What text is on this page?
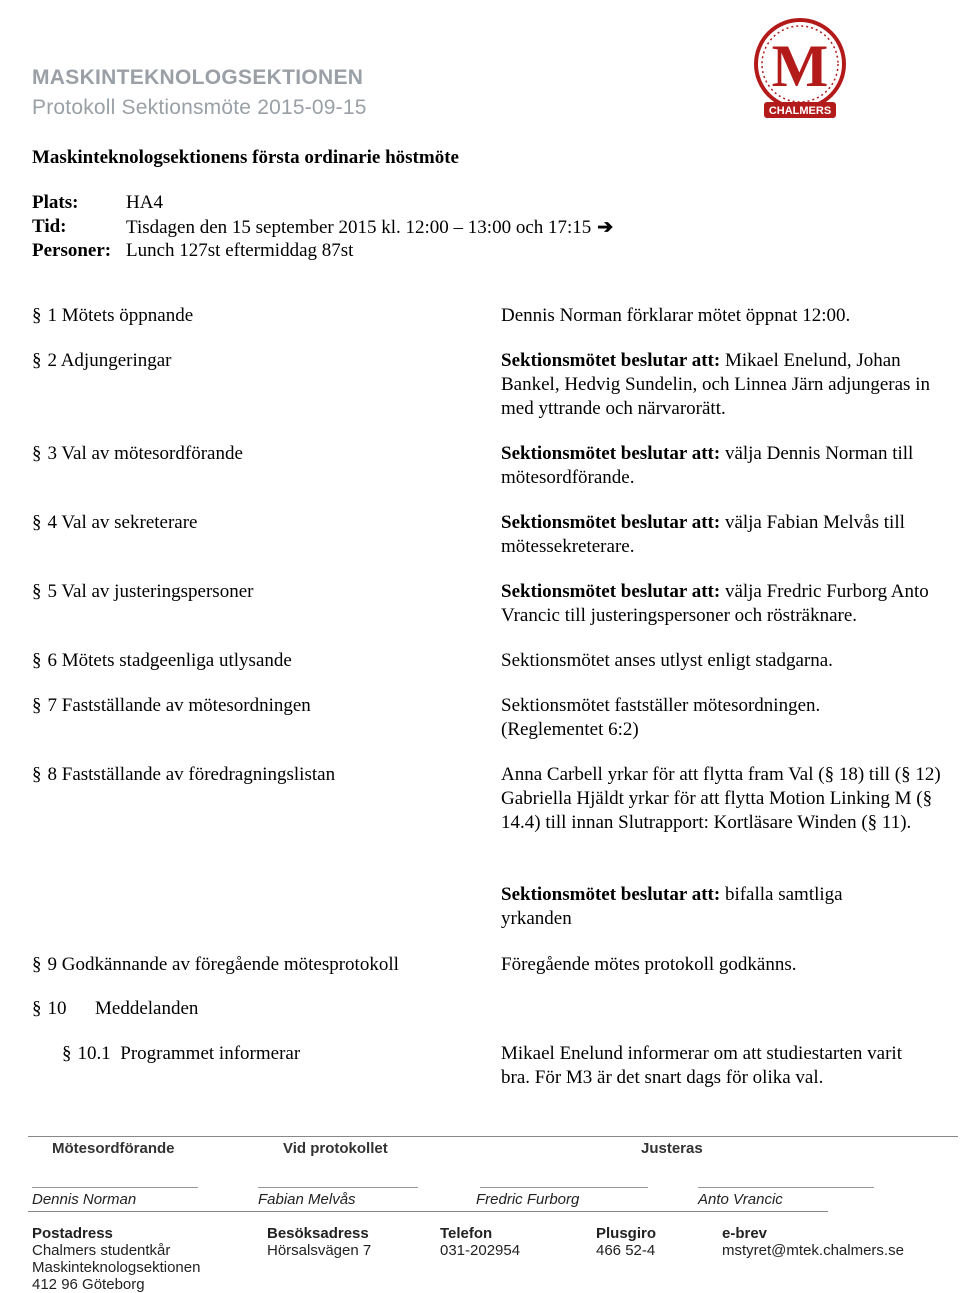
MASKINTEKNOLOGSEKTIONEN
Protokoll Sektionsmöte 2015-09-15
M
CHALMERS
Maskinteknologsektionens första ordinarie höstmöte
Plats:	HA4
Tid:	Tisdagen den 15 september 2015 kl. 12:00 – 13:00 och 17:15 ➔
Personer: Lunch 127st eftermiddag 87st
§ 1 Mötets öppnande	Dennis Norman förklarar mötet öppnat 12:00.
§ 2 Adjungeringar	Sektionsmötet beslutar att: Mikael Enelund, Johan Bankel, Hedvig Sundelin, och Linnea Järn adjungeras in med yttrande och närvarorätt.
§ 3 Val av mötesordförande	Sektionsmötet beslutar att: välja Dennis Norman till mötesordförande.
§ 4 Val av sekreterare	Sektionsmötet beslutar att: välja Fabian Melvås till mötessekreterare.
§ 5 Val av justeringspersoner	Sektionsmötet beslutar att: välja Fredric Furborg Anto Vrancic till justeringspersoner och rösträknare.
§ 6 Mötets stadgeenliga utlysande	Sektionsmötet anses utlyst enligt stadgarna.
§ 7 Fastställande av mötesordningen	Sektionsmötet fastställer mötesordningen. (Reglementet 6:2)
§ 8 Fastställande av föredragningslistan	Anna Carbell yrkar för att flytta fram Val (§ 18) till (§ 12) Gabriella Hjäldt yrkar för att flytta Motion Linking M (§ 14.4) till innan Slutrapport: Kortläsare Winden (§ 11).
Sektionsmötet beslutar att: bifalla samtliga yrkanden
§ 9 Godkännande av föregående mötesprotokoll	Föregående mötes protokoll godkänns.
§ 10      Meddelanden
§ 10.1  Programmet informerar	Mikael Enelund informerar om att studiestarten varit bra. För M3 är det snart dags för olika val.
Mötesordförande	Vid protokollet	Justeras
Dennis Norman	Fabian Melvås	Fredric Furborg	Anto Vrancic
Postadress
Chalmers studentkår
Maskinteknologsektionen
412 96 Göteborg
Besöksadress
Hörsalsvägen 7
Telefon
031-202954
Plusgiro
466 52-4
e-brev
mstyret@mtek.chalmers.se
